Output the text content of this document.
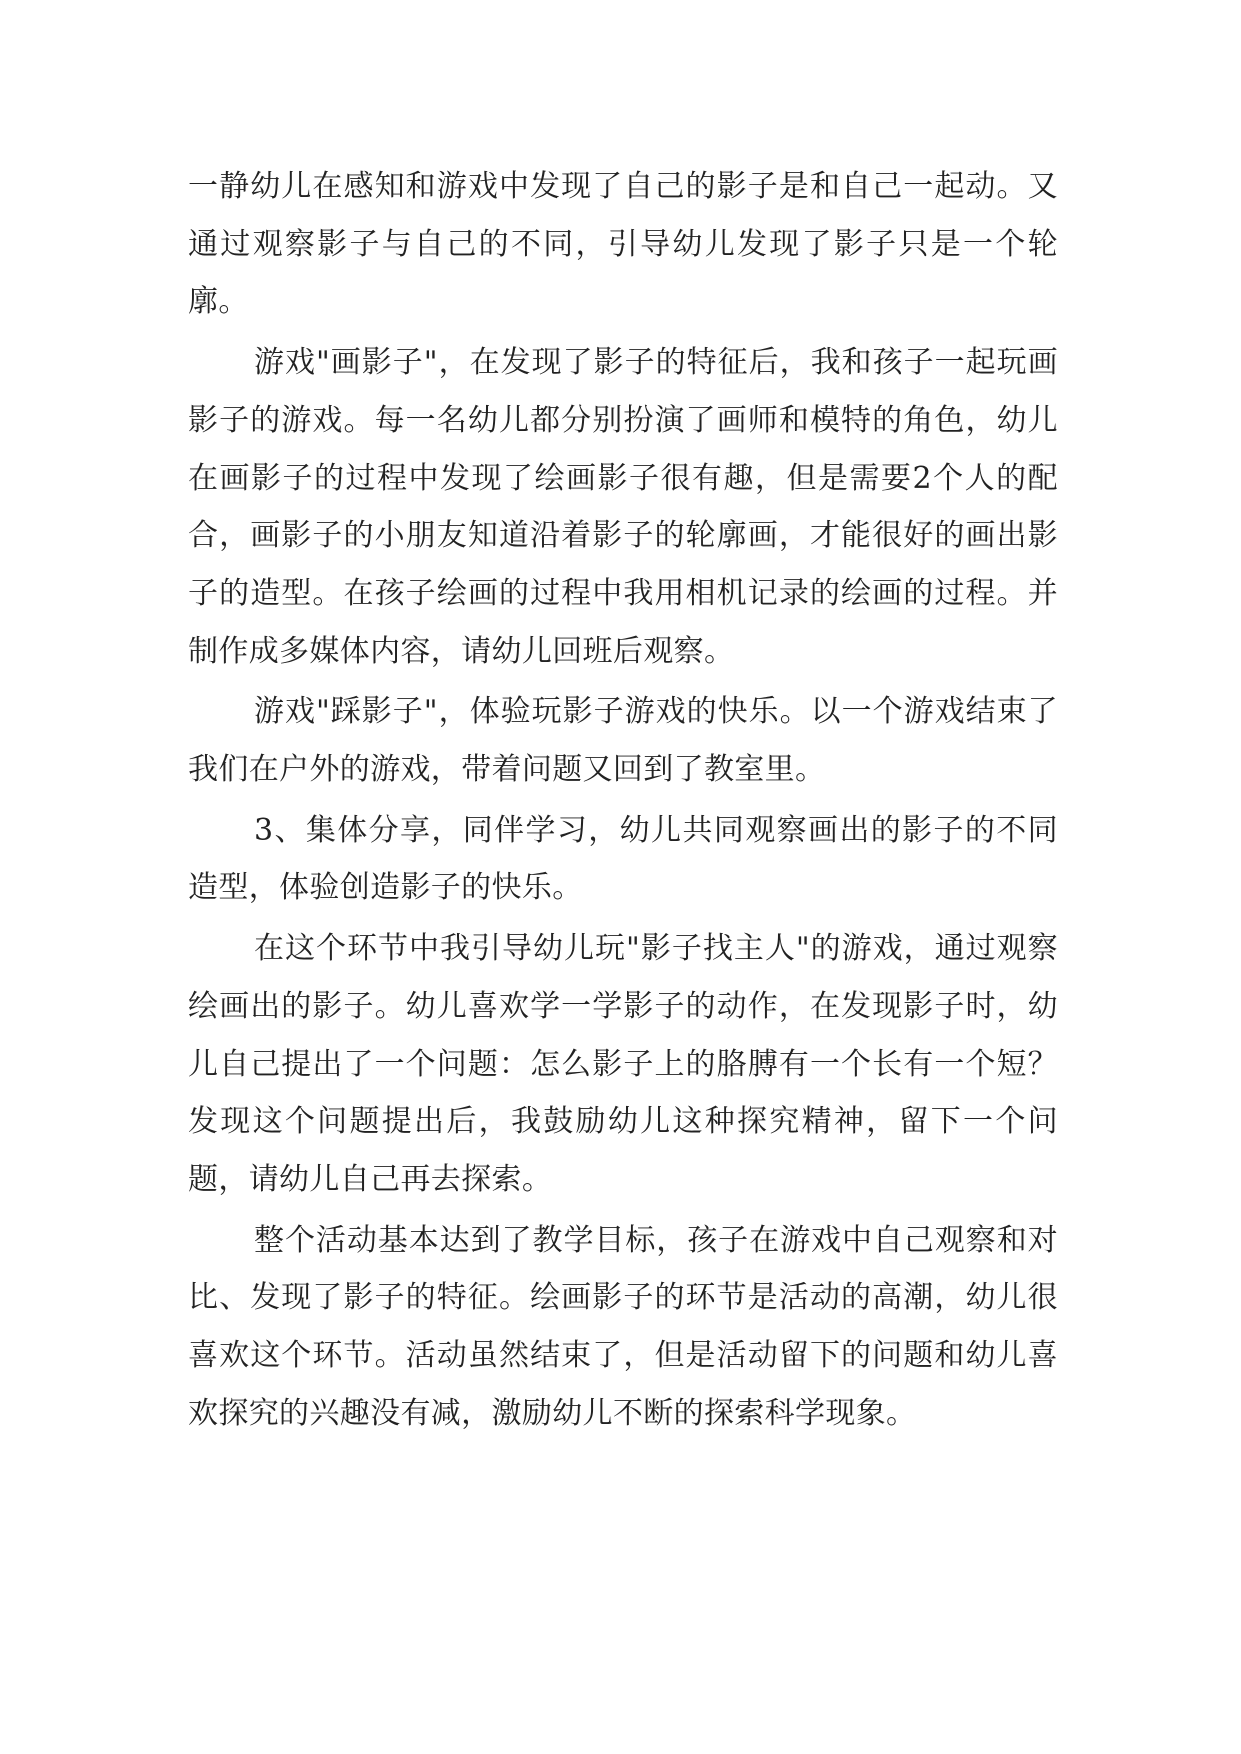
一静幼儿在感知和游戏中发现了自己的影子是和自己一起动。又通过观察影子与自己的不同，引导幼儿发现了影子只是一个轮廓。

游戏"画影子"，在发现了影子的特征后，我和孩子一起玩画影子的游戏。每一名幼儿都分别扮演了画师和模特的角色，幼儿在画影子的过程中发现了绘画影子很有趣，但是需要2个人的配合，画影子的小朋友知道沿着影子的轮廓画，才能很好的画出影子的造型。在孩子绘画的过程中我用相机记录的绘画的过程。并制作成多媒体内容，请幼儿回班后观察。

游戏"踩影子"，体验玩影子游戏的快乐。以一个游戏结束了我们在户外的游戏，带着问题又回到了教室里。

3、集体分享，同伴学习，幼儿共同观察画出的影子的不同造型，体验创造影子的快乐。

在这个环节中我引导幼儿玩"影子找主人"的游戏，通过观察绘画出的影子。幼儿喜欢学一学影子的动作，在发现影子时，幼儿自己提出了一个问题：怎么影子上的胳膊有一个长有一个短？发现这个问题提出后，我鼓励幼儿这种探究精神，留下一个问题，请幼儿自己再去探索。

整个活动基本达到了教学目标，孩子在游戏中自己观察和对比、发现了影子的特征。绘画影子的环节是活动的高潮，幼儿很喜欢这个环节。活动虽然结束了，但是活动留下的问题和幼儿喜欢探究的兴趣没有减，激励幼儿不断的探索科学现象。
